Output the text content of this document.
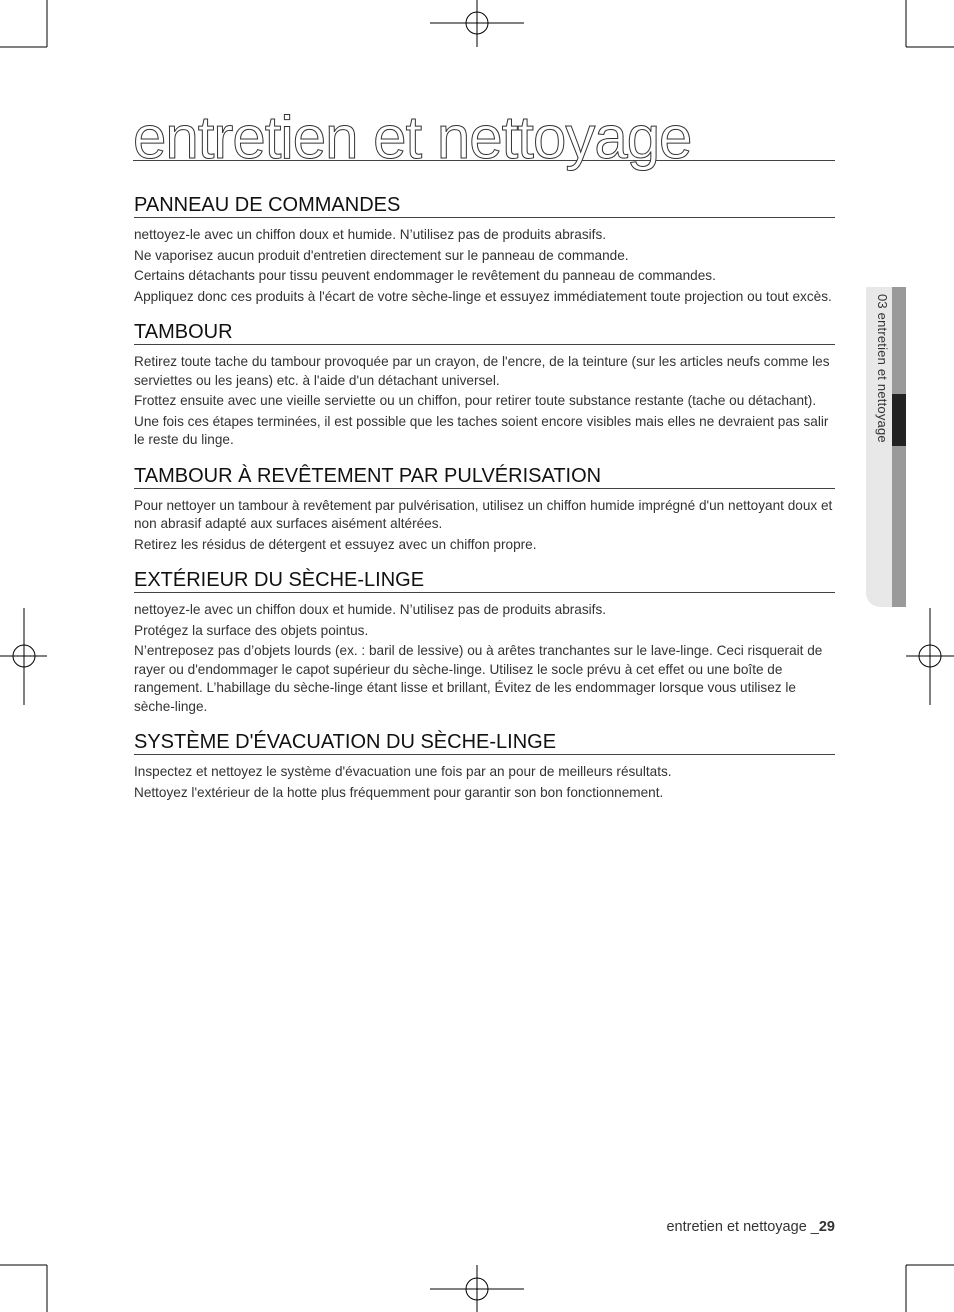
entretien et nettoyage
03 entretien et nettoyage
PANNEAU DE COMMANDES

nettoyez-le avec un chiffon doux et humide. N’utilisez pas de produits abrasifs.

Ne vaporisez aucun produit d'entretien directement sur le panneau de commande.

Certains détachants pour tissu peuvent endommager le revêtement du panneau de commandes.

Appliquez donc ces produits à l'écart de votre sèche-linge et essuyez immédiatement toute projection ou tout excès.

TAMBOUR

Retirez toute tache du tambour provoquée par un crayon, de l'encre, de la teinture (sur les articles neufs comme les serviettes ou les jeans) etc. à l'aide d'un détachant universel.

Frottez ensuite avec une vieille serviette ou un chiffon, pour retirer toute substance restante (tache ou détachant).

Une fois ces étapes terminées, il est possible que les taches soient encore visibles mais elles ne devraient pas salir le reste du linge.

TAMBOUR À REVÊTEMENT PAR PULVÉRISATION

Pour nettoyer un tambour à revêtement par pulvérisation, utilisez un chiffon humide imprégné d'un nettoyant doux et non abrasif adapté aux surfaces aisément altérées.

Retirez les résidus de détergent et essuyez avec un chiffon propre.

EXTÉRIEUR DU SÈCHE-LINGE

nettoyez-le avec un chiffon doux et humide. N’utilisez pas de produits abrasifs.

Protégez la surface des objets pointus.

N’entreposez pas d’objets lourds (ex. : baril de lessive) ou à arêtes tranchantes sur le lave-linge. Ceci risquerait de rayer ou d'endommager le capot supérieur du sèche-linge. Utilisez le socle prévu à cet effet ou une boîte de rangement. L’habillage du sèche-linge étant lisse et brillant, Évitez de les endommager lorsque vous utilisez le sèche-linge.

SYSTÈME D'ÉVACUATION DU SÈCHE-LINGE

Inspectez et nettoyez le système d'évacuation une fois par an pour de meilleurs résultats.

Nettoyez l'extérieur de la hotte plus fréquemment pour garantir son bon fonctionnement.

entretien et nettoyage _29
